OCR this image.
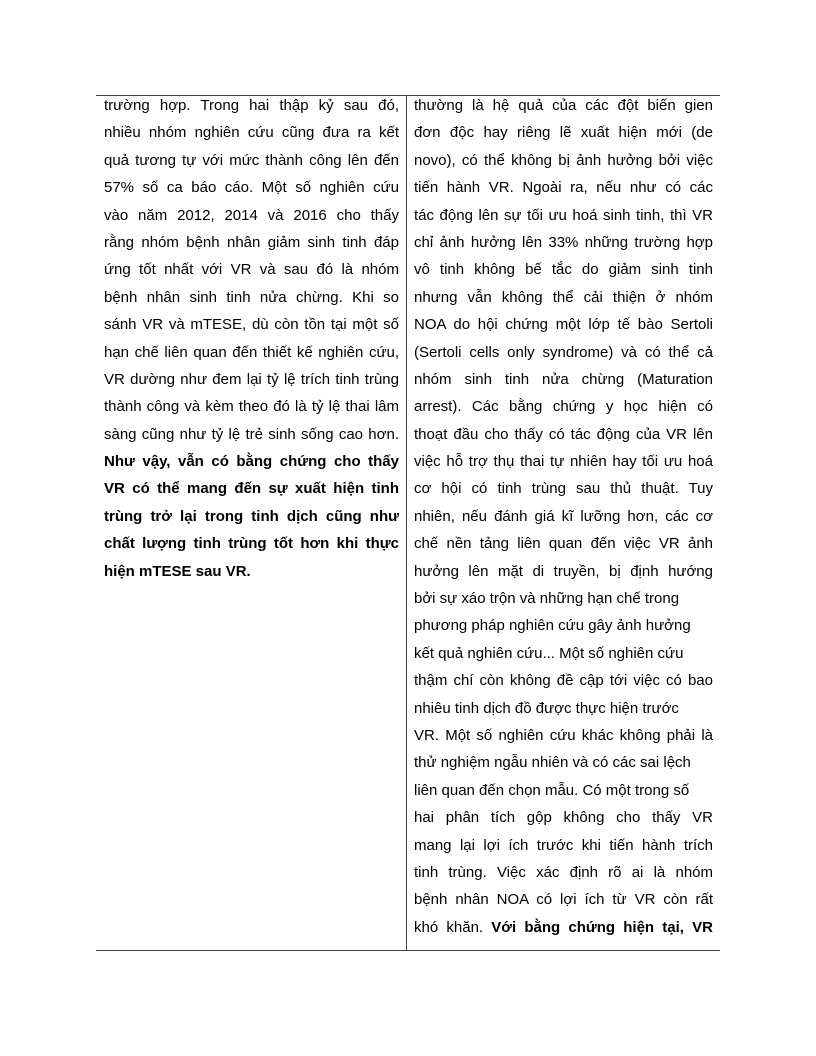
trường hợp. Trong hai thập kỷ sau đó,
nhiều nhóm nghiên cứu cũng đưa ra kết
quả tương tự với mức thành công lên đến
57% số ca báo cáo. Một số nghiên cứu
vào năm 2012, 2014 và 2016 cho thấy
rằng nhóm bệnh nhân giảm sinh tinh đáp
ứng tốt nhất với VR và sau đó là nhóm
bệnh nhân sinh tinh nửa chừng. Khi so
sánh VR và mTESE, dù còn tồn tại một số
hạn chế liên quan đến thiết kế nghiên cứu,
VR dường như đem lại tỷ lệ trích tinh trùng
thành công và kèm theo đó là tỷ lệ thai lâm
sàng cũng như tỷ lệ trẻ sinh sống cao hơn.
Như vậy, vẫn có bằng chứng cho thấy
VR có thể mang đến sự xuất hiện tinh
trùng trở lại trong tinh dịch cũng như
chất lượng tinh trùng tốt hơn khi thực
hiện mTESE sau VR.
thường là hệ quả của các đột biến gien
đơn độc hay riêng lẽ xuất hiện mới (de
novo), có thể không bị ảnh hưởng bởi việc
tiến hành VR. Ngoài ra, nếu như có các
tác động lên sự tối ưu hoá sinh tinh, thì VR
chỉ ảnh hưởng lên 33% những trường hợp
vô tinh không bế tắc do giảm sinh tinh
nhưng vẫn không thể cải thiện ở nhóm
NOA do hội chứng một lớp tế bào Sertoli
(Sertoli cells only syndrome) và có thể cả
nhóm sinh tinh nửa chừng (Maturation
arrest). Các bằng chứng y học hiện có
thoạt đầu cho thấy có tác động của VR lên
việc hỗ trợ thụ thai tự nhiên hay tối ưu hoá
cơ hội có tinh trùng sau thủ thuật. Tuy
nhiên, nếu đánh giá kĩ lưỡng hơn, các cơ
chế nền tảng liên quan đến việc VR ảnh
hưởng lên mặt di truyền, bị định hướng
bởi sự xáo trộn và những hạn chế trong
phương pháp nghiên cứu gây ảnh hưởng
kết quả nghiên cứu... Một số nghiên cứu
thậm chí còn không đề cập tới việc có bao
nhiêu tinh dịch đồ được thực hiện trước
VR. Một số nghiên cứu khác không phải là
thử nghiệm ngẫu nhiên và có các sai lệch
liên quan đến chọn mẫu. Có một trong số
hai phân tích gộp không cho thấy VR
mang lại lợi ích trước khi tiến hành trích
tinh trùng. Việc xác định rõ ai là nhóm
bệnh nhân NOA có lợi ích từ VR còn rất
khó khăn. Với bằng chứng hiện tại, VR
